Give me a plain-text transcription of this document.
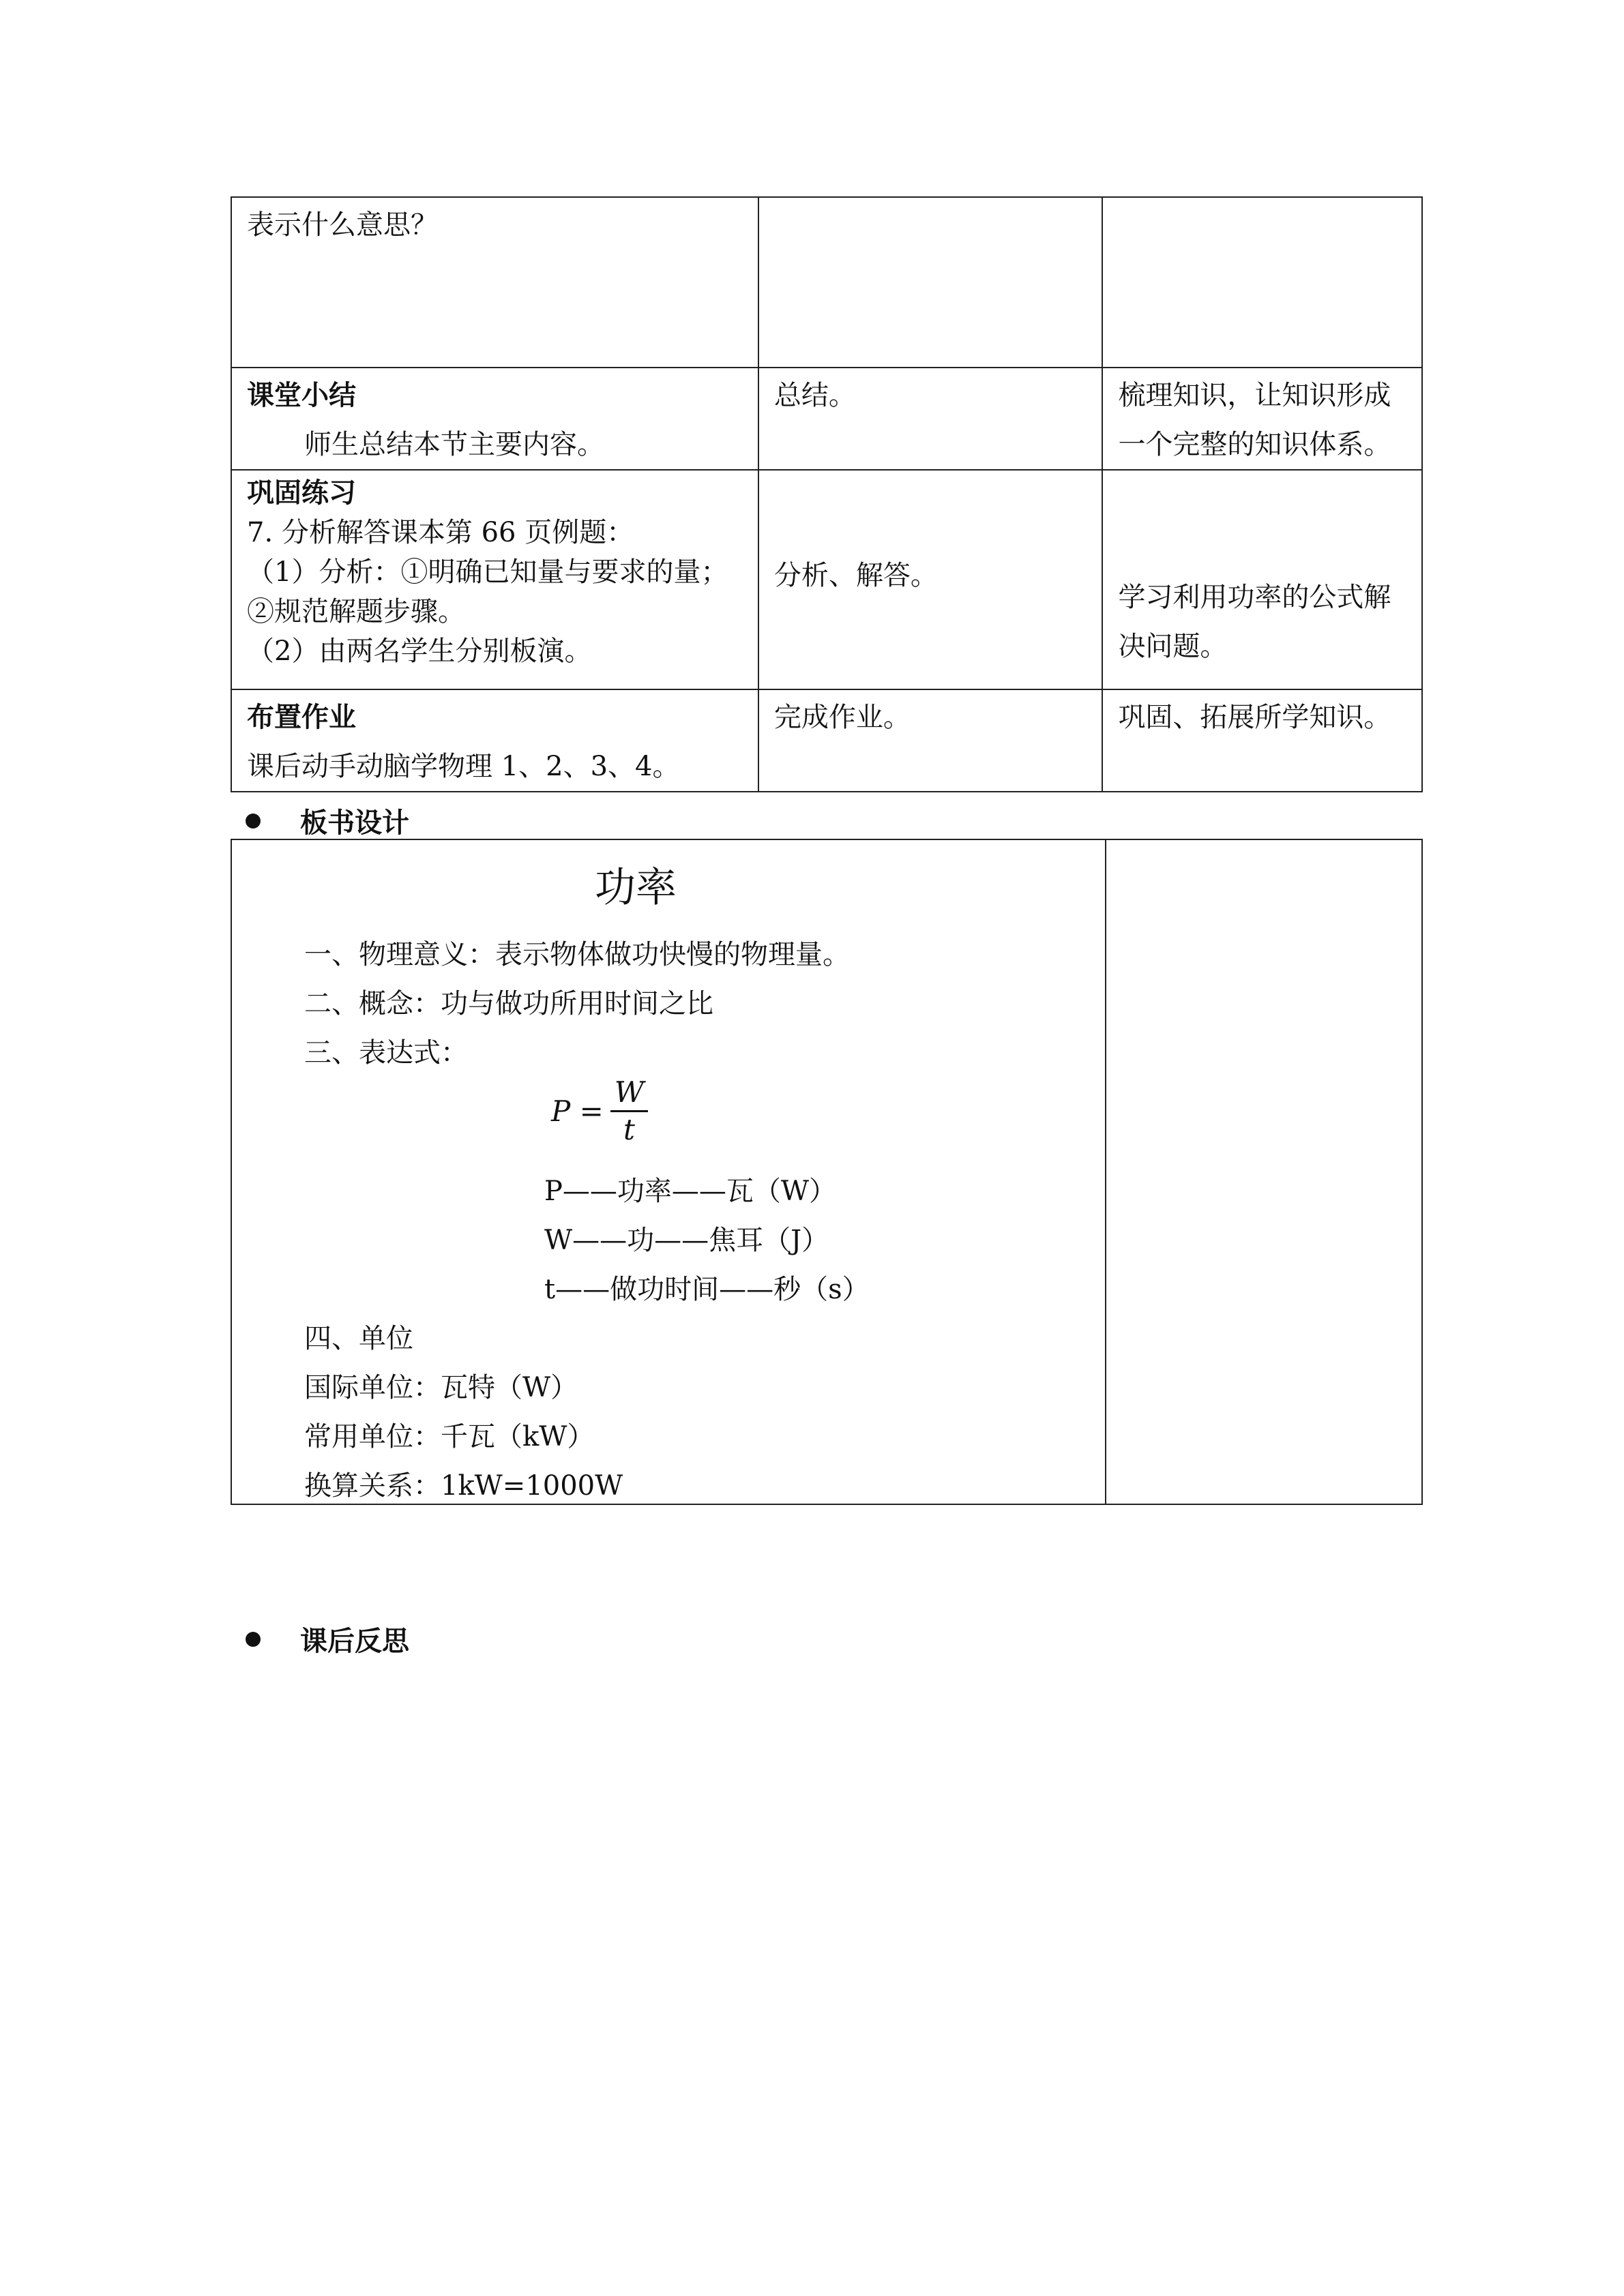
表示什么意思？		
课堂小结

师生总结本节主要内容。	总结。	梳理知识，让知识形成一个完整的知识体系。
巩固练习
7. 分析解答课本第 66 页例题：
（1）分析：①明确已知量与要求的量；②规范解题步骤。
（2）由两名学生分别板演。	分析、解答。	学习利用功率的公式解决问题。
布置作业
课后动手动脑学物理 1、2、3、4。	完成作业。	巩固、拓展所学知识。
板书设计
功率
一、物理意义：表示物体做功快慢的物理量。
二、概念：功与做功所用时间之比
三、表达式：
$P = \frac{W}{t}$
P——功率——瓦（W）
W——功——焦耳（J）
t——做功时间——秒（s）
四、单位
国际单位：瓦特（W）
常用单位：千瓦（kW）
换算关系：1kW=1000W
课后反思
